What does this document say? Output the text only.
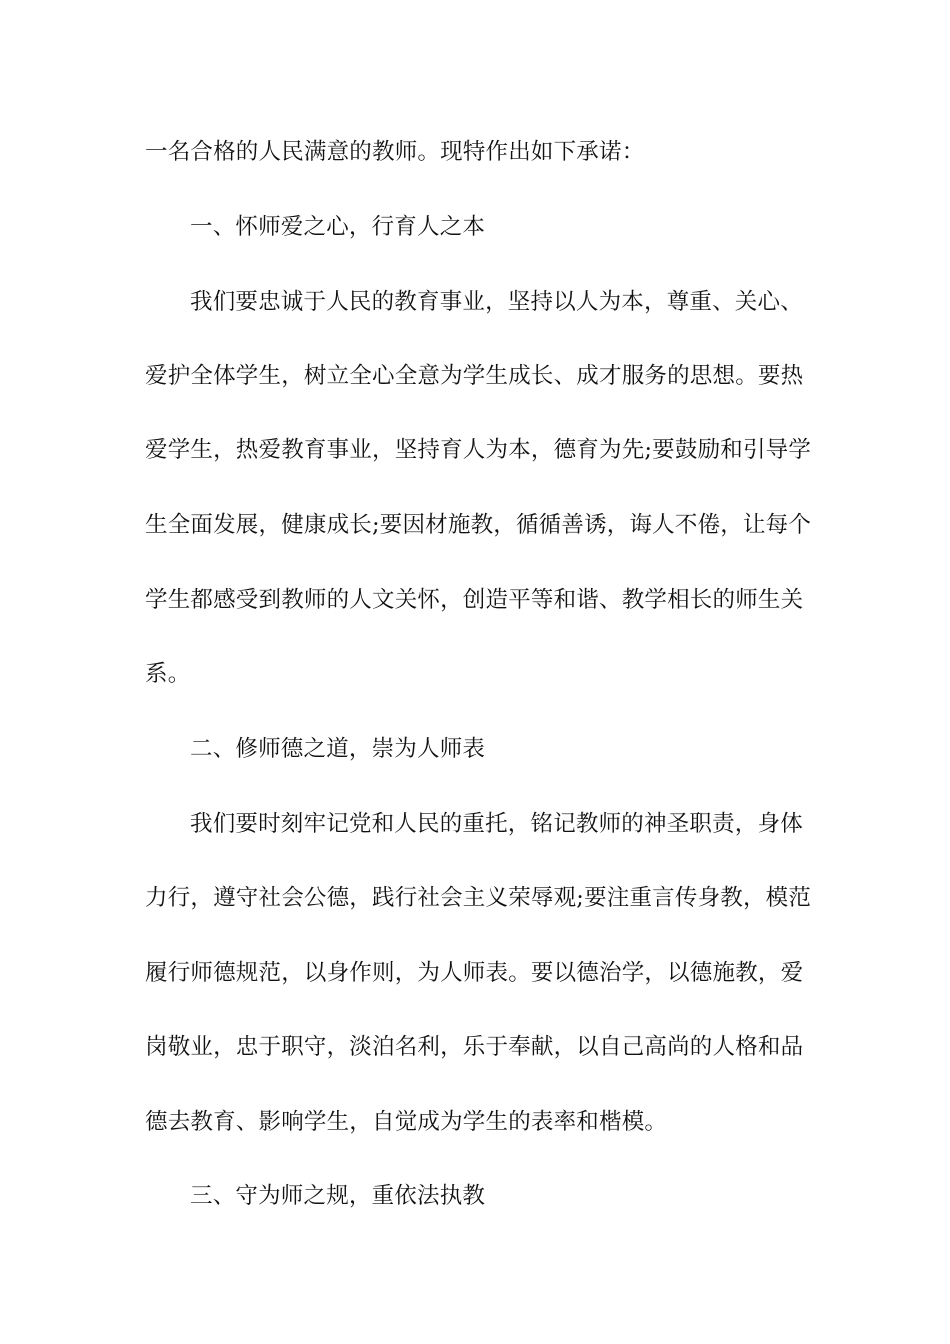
一名合格的人民满意的教师。现特作出如下承诺：
一、怀师爱之心，行育人之本
我们要忠诚于人民的教育事业，坚持以人为本，尊重、关心、
爱护全体学生，树立全心全意为学生成长、成才服务的思想。要热
爱学生，热爱教育事业，坚持育人为本，德育为先;要鼓励和引导学
生全面发展，健康成长;要因材施教，循循善诱，诲人不倦，让每个
学生都感受到教师的人文关怀，创造平等和谐、教学相长的师生关
系。
二、修师德之道，崇为人师表
我们要时刻牢记党和人民的重托，铭记教师的神圣职责，身体
力行，遵守社会公德，践行社会主义荣辱观;要注重言传身教，模范
履行师德规范，以身作则，为人师表。要以德治学，以德施教，爱
岗敬业，忠于职守，淡泊名利，乐于奉献，以自己高尚的人格和品
德去教育、影响学生，自觉成为学生的表率和楷模。
三、守为师之规，重依法执教
